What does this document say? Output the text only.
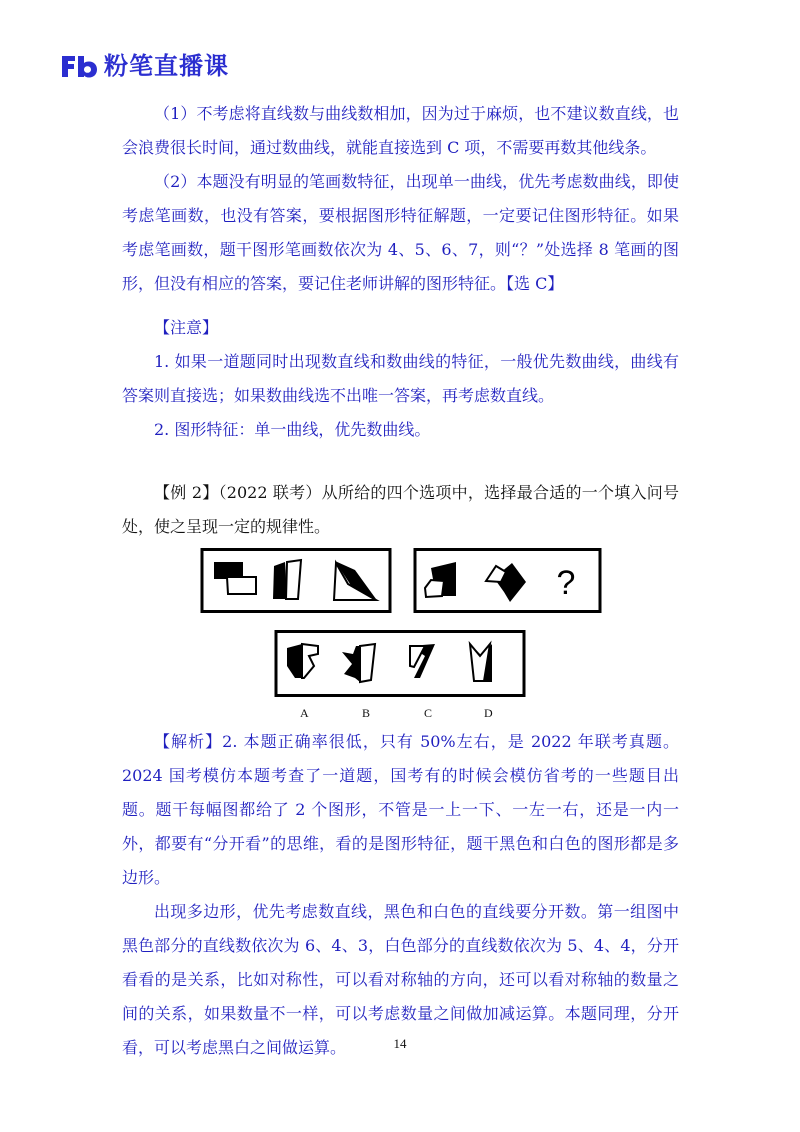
粉笔直播课

（1）不考虑将直线数与曲线数相加，因为过于麻烦，也不建议数直线，也会浪费很长时间，通过数曲线，就能直接选到 C 项，不需要再数其他线条。

（2）本题没有明显的笔画数特征，出现单一曲线，优先考虑数曲线，即使考虑笔画数，也没有答案，要根据图形特征解题，一定要记住图形特征。如果考虑笔画数，题干图形笔画数依次为 4、5、6、7，则“？”处选择 8 笔画的图形，但没有相应的答案，要记住老师讲解的图形特征。【选 C】

【注意】

1. 如果一道题同时出现数直线和数曲线的特征，一般优先数曲线，曲线有答案则直接选；如果数曲线选不出唯一答案，再考虑数直线。

2. 图形特征：单一曲线，优先数曲线。

【例 2】（2022 联考）从所给的四个选项中，选择最合适的一个填入问号处，使之呈现一定的规律性。

?
A	B	C	D

【解析】2. 本题正确率很低，只有 50%左右，是 2022 年联考真题。2024 国考模仿本题考查了一道题，国考有的时候会模仿省考的一些题目出题。题干每幅图都给了 2 个图形，不管是一上一下、一左一右，还是一内一外，都要有“分开看”的思维，看的是图形特征，题干黑色和白色的图形都是多边形。

出现多边形，优先考虑数直线，黑色和白色的直线要分开数。第一组图中黑色部分的直线数依次为 6、4、3，白色部分的直线数依次为 5、4、4，分开看看的是关系，比如对称性，可以看对称轴的方向，还可以看对称轴的数量之间的关系，如果数量不一样，可以考虑数量之间做加减运算。本题同理，分开看，可以考虑黑白之间做运算。	14
